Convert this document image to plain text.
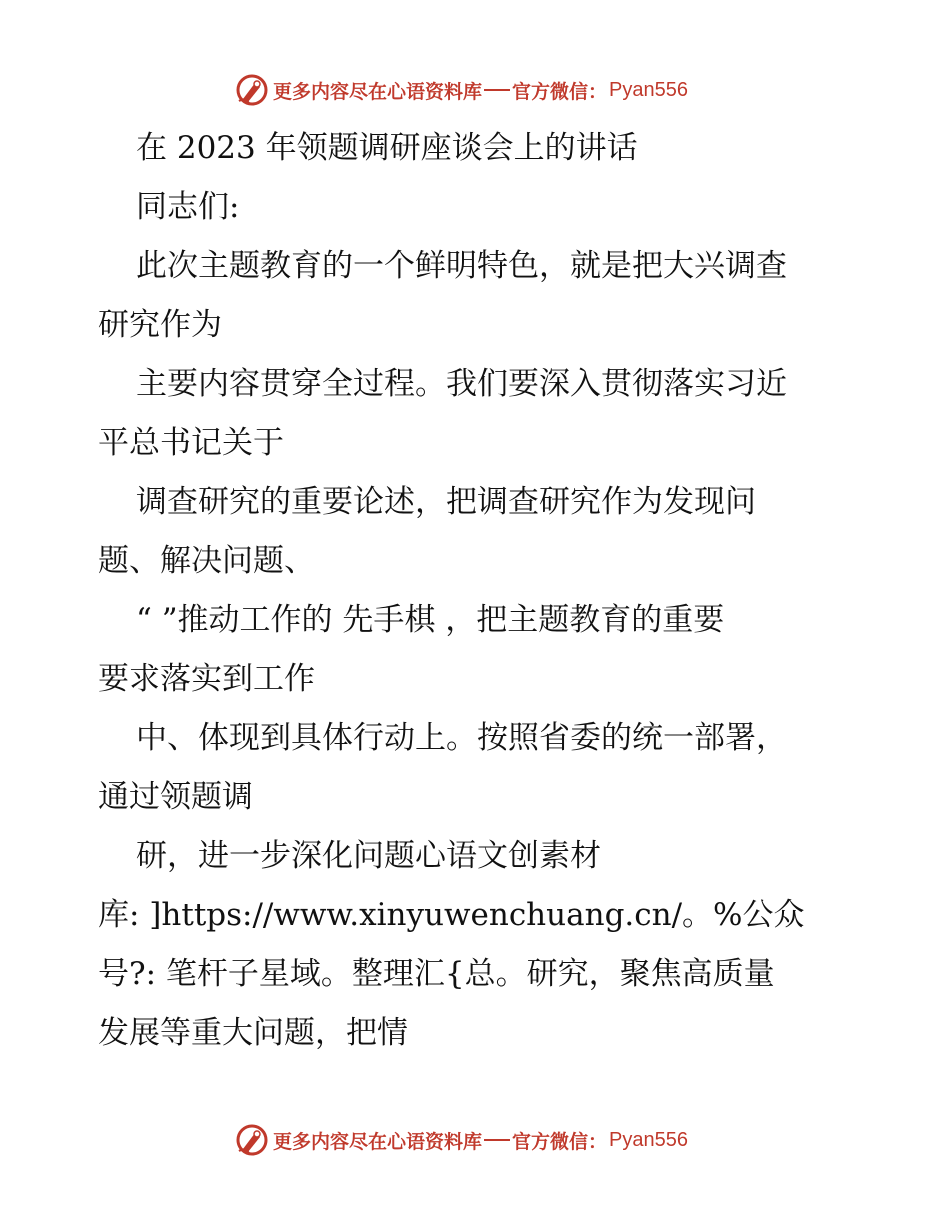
更多内容尽在心语资料库 官方微信： Pyan556
在 2023 年领题调研座谈会上的讲话
同志们:
此次主题教育的一个鲜明特色，就是把大兴调查
研究作为
主要内容贯穿全过程。我们要深入贯彻落实习近
平总书记关于
调查研究的重要论述，把调查研究作为发现问
题、解决问题、
“ ”推动工作的 先手棋 ，把主题教育的重要
要求落实到工作
中、体现到具体行动上。按照省委的统一部署，
通过领题调
研，进一步深化问题心语文创素材
库: ]https://www.xinyuwenchuang.cn/。%公众
号?: 笔杆子星域。整理汇{总。研究，聚焦高质量
发展等重大问题，把情
更多内容尽在心语资料库 官方微信： Pyan556
